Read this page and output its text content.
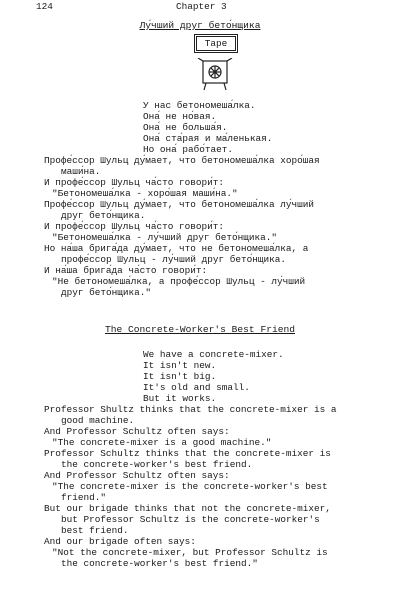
124	Chapter 3
Лу́чший друг бето́нщика
Tape
У нас бетономеша́лка.
Она́ не но́вая.
Она́ не больша́я.
Она́ ста́рая и ма́ленькая.
Но она́ рабо́тает.
Профе́ссор Шульц ду́мает, что бетономеша́лка хоро́шая
маши́на.
И профе́ссор Шульц ча́сто говори́т:
"Бетономеша́лка - хоро́шая маши́на."
Профе́ссор Шульц ду́мает, что бетономеша́лка лу́чший
друг бето́нщика.
И профе́ссор Шульц ча́сто говори́т:
"Бетономеша́лка - лу́чший друг бето́нщика."
Но на́ша брига́да ду́мает, что не бетономеша́лка, а
профе́ссор Шульц - лу́чший друг бето́нщика.
И на́ша брига́да ча́сто говори́т:
"Не бетономеша́лка, а профе́ссор Шульц - лу́чший
друг бето́нщика."
The Concrete-Worker's Best Friend
We have a concrete-mixer.
It isn't new.
It isn't big.
It's old and small.
But it works.
Professor Shultz thinks that the concrete-mixer is a
good machine.
And Professor Schultz often says:
"The concrete-mixer is a good machine."
Professor Schultz thinks that the concrete-mixer is
the concrete-worker's best friend.
And Professor Schultz often says:
"The concrete-mixer is the concrete-worker's best
friend."
But our brigade thinks that not the concrete-mixer,
but Professor Schultz is the concrete-worker's
best friend.
And our brigade often says:
"Not the concrete-mixer, but Professor Schultz is
the concrete-worker's best friend."
